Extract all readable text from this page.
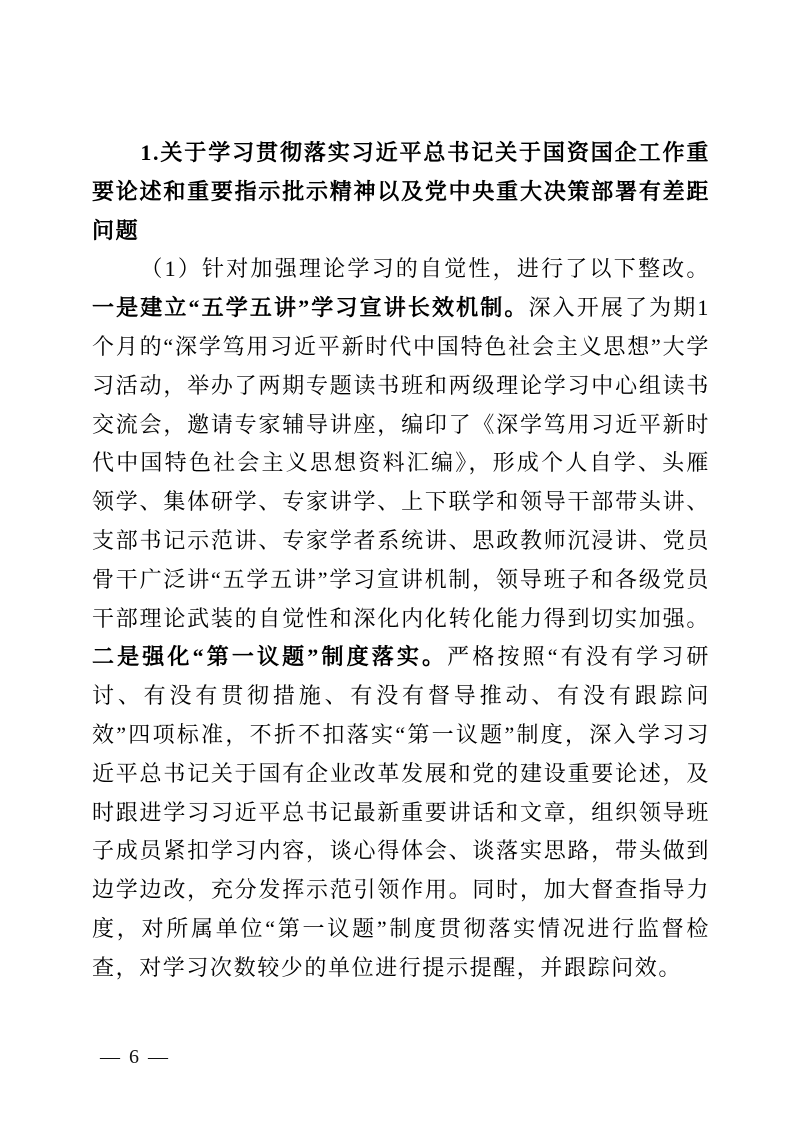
1.关于学习贯彻落实习近平总书记关于国资国企工作重要论述和重要指示批示精神以及党中央重大决策部署有差距问题

（1）针对加强理论学习的自觉性，进行了以下整改。一是建立“五学五讲”学习宣讲长效机制。深入开展了为期1个月的“深学笃用习近平新时代中国特色社会主义思想”大学习活动，举办了两期专题读书班和两级理论学习中心组读书交流会，邀请专家辅导讲座，编印了《深学笃用习近平新时代中国特色社会主义思想资料汇编》，形成个人自学、头雁领学、集体研学、专家讲学、上下联学和领导干部带头讲、支部书记示范讲、专家学者系统讲、思政教师沉浸讲、党员骨干广泛讲“五学五讲”学习宣讲机制，领导班子和各级党员干部理论武装的自觉性和深化内化转化能力得到切实加强。二是强化“第一议题”制度落实。严格按照“有没有学习研讨、有没有贯彻措施、有没有督导推动、有没有跟踪问效”四项标准，不折不扣落实“第一议题”制度，深入学习习近平总书记关于国有企业改革发展和党的建设重要论述，及时跟进学习习近平总书记最新重要讲话和文章，组织领导班子成员紧扣学习内容，谈心得体会、谈落实思路，带头做到边学边改，充分发挥示范引领作用。同时，加大督查指导力度，对所属单位“第一议题”制度贯彻落实情况进行监督检查，对学习次数较少的单位进行提示提醒，并跟踪问效。

— 6 —
